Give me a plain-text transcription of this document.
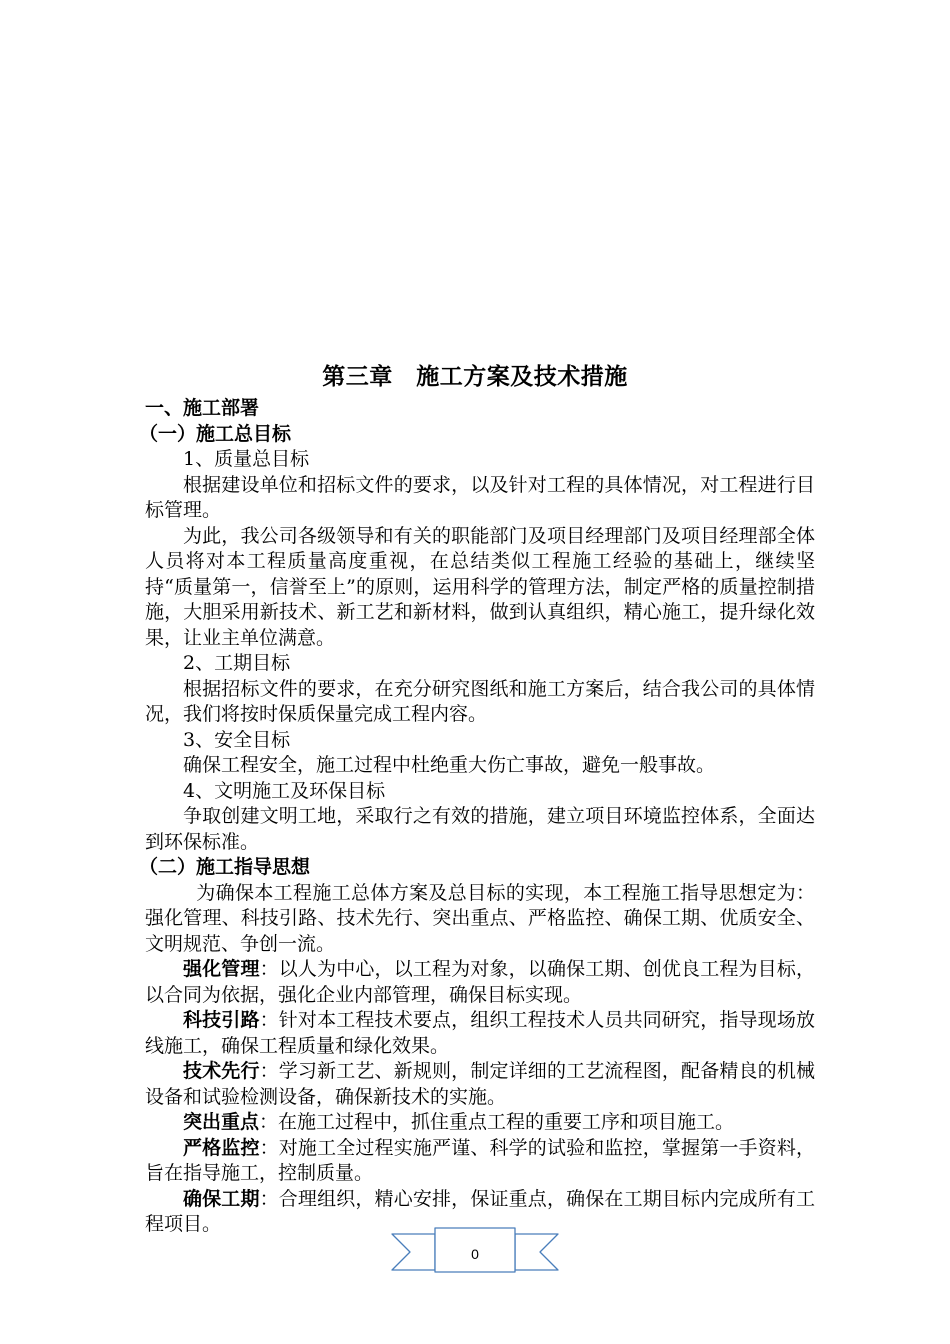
第三章　施工方案及技术措施

一、施工部署

（一）施工总目标

1、质量总目标

根据建设单位和招标文件的要求，以及针对工程的具体情况，对工程进行目标管理。

为此，我公司各级领导和有关的职能部门及项目经理部门及项目经理部全体人员将对本工程质量高度重视，在总结类似工程施工经验的基础上，继续坚持“质量第一，信誉至上”的原则，运用科学的管理方法，制定严格的质量控制措施，大胆采用新技术、新工艺和新材料，做到认真组织，精心施工，提升绿化效果，让业主单位满意。

2、工期目标

根据招标文件的要求，在充分研究图纸和施工方案后，结合我公司的具体情况，我们将按时保质保量完成工程内容。

3、安全目标

确保工程安全，施工过程中杜绝重大伤亡事故，避免一般事故。

4、文明施工及环保目标

争取创建文明工地，采取行之有效的措施，建立项目环境监控体系，全面达到环保标准。

（二）施工指导思想

为确保本工程施工总体方案及总目标的实现，本工程施工指导思想定为：强化管理、科技引路、技术先行、突出重点、严格监控、确保工期、优质安全、文明规范、争创一流。

强化管理：以人为中心，以工程为对象，以确保工期、创优良工程为目标，以合同为依据，强化企业内部管理，确保目标实现。

科技引路：针对本工程技术要点，组织工程技术人员共同研究，指导现场放线施工，确保工程质量和绿化效果。

技术先行：学习新工艺、新规则，制定详细的工艺流程图，配备精良的机械设备和试验检测设备，确保新技术的实施。

突出重点：在施工过程中，抓住重点工程的重要工序和项目施工。

严格监控：对施工全过程实施严谨、科学的试验和监控，掌握第一手资料，旨在指导施工，控制质量。

确保工期：合理组织，精心安排，保证重点，确保在工期目标内完成所有工程项目。

0
